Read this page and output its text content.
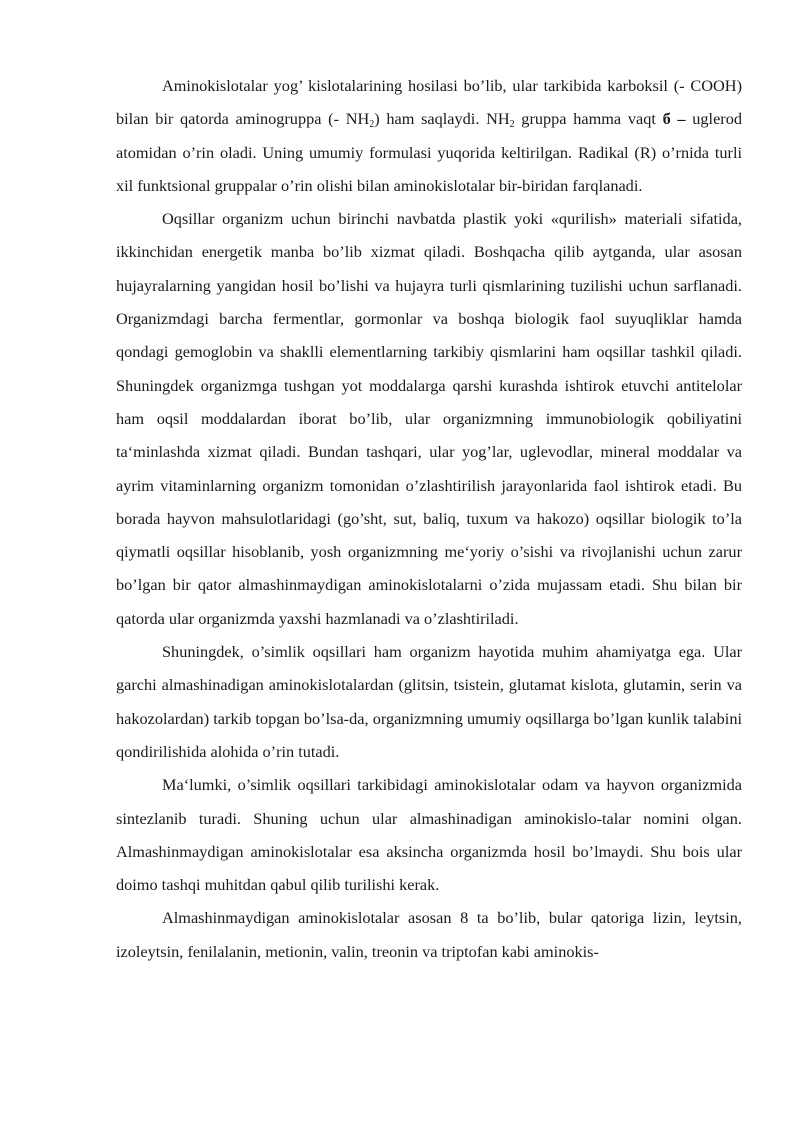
Aminokislotalar yog’ kislotalarining hosilasi bo’lib, ular tarkibida karboksil (- COOH) bilan bir qatorda aminogruppa (- $NH_2$) ham saqlaydi. $NH_2$ gruppa hamma vaqt б – uglerod atomidan o’rin oladi. Uning umumiy formulasi yuqorida keltirilgan. Radikal (R) o’rnida turli xil funktsional gruppalar o’rin olishi bilan aminokislotalar bir-biridan farqlanadi.

Oqsillar organizm uchun birinchi navbatda plastik yoki «qurilish» materiali sifatida, ikkinchidan energetik manba bo’lib xizmat qiladi. Boshqacha qilib aytganda, ular asosan hujayralarning yangidan hosil bo’lishi va hujayra turli qismlarining tuzilishi uchun sarflanadi. Organizmdagi barcha fermentlar, gormonlar va boshqa biologik faol suyuqliklar hamda qondagi gemoglobin va shaklli elementlarning tarkibiy qismlarini ham oqsillar tashkil qiladi. Shuningdek organizmga tushgan yot moddalarga qarshi kurashda ishtirok etuvchi antitelolar ham oqsil moddalardan iborat bo’lib, ular organizmning immunobiologik qobiliyatini ta‘minlashda xizmat qiladi. Bundan tashqari, ular yog’lar, uglevodlar, mineral moddalar va ayrim vitaminlarning organizm tomonidan o’zlashtirilish jarayonlarida faol ishtirok etadi. Bu borada hayvon mahsulotlaridagi (go’sht, sut, baliq, tuxum va hakozo) oqsillar biologik to’la qiymatli oqsillar hisoblanib, yosh organizmning me‘yoriy o’sishi va rivojlanishi uchun zarur bo’lgan bir qator almashinmaydigan aminokislotalarni o’zida mujassam etadi. Shu bilan bir qatorda ular organizmda yaxshi hazmlanadi va o’zlashtiriladi.

Shuningdek, o’simlik oqsillari ham organizm hayotida muhim ahamiyatga ega. Ular garchi almashinadigan aminokislotalardan (glitsin, tsistein, glutamat kislota, glutamin, serin va hakozolardan) tarkib topgan bo’lsa-da, organizmning umumiy oqsillarga bo’lgan kunlik talabini qondirilishida alohida o’rin tutadi.

Ma‘lumki, o’simlik oqsillari tarkibidagi aminokislotalar odam va hayvon organizmida sintezlanib turadi. Shuning uchun ular almashinadigan aminokislo-talar nomini olgan. Almashinmaydigan aminokislotalar esa aksincha organizmda hosil bo’lmaydi. Shu bois ular doimo tashqi muhitdan qabul qilib turilishi kerak.

Almashinmaydigan aminokislotalar asosan 8 ta bo’lib, bular qatoriga lizin, leytsin, izoleytsin, fenilalanin, metionin, valin, treonin va triptofan kabi aminokis-
